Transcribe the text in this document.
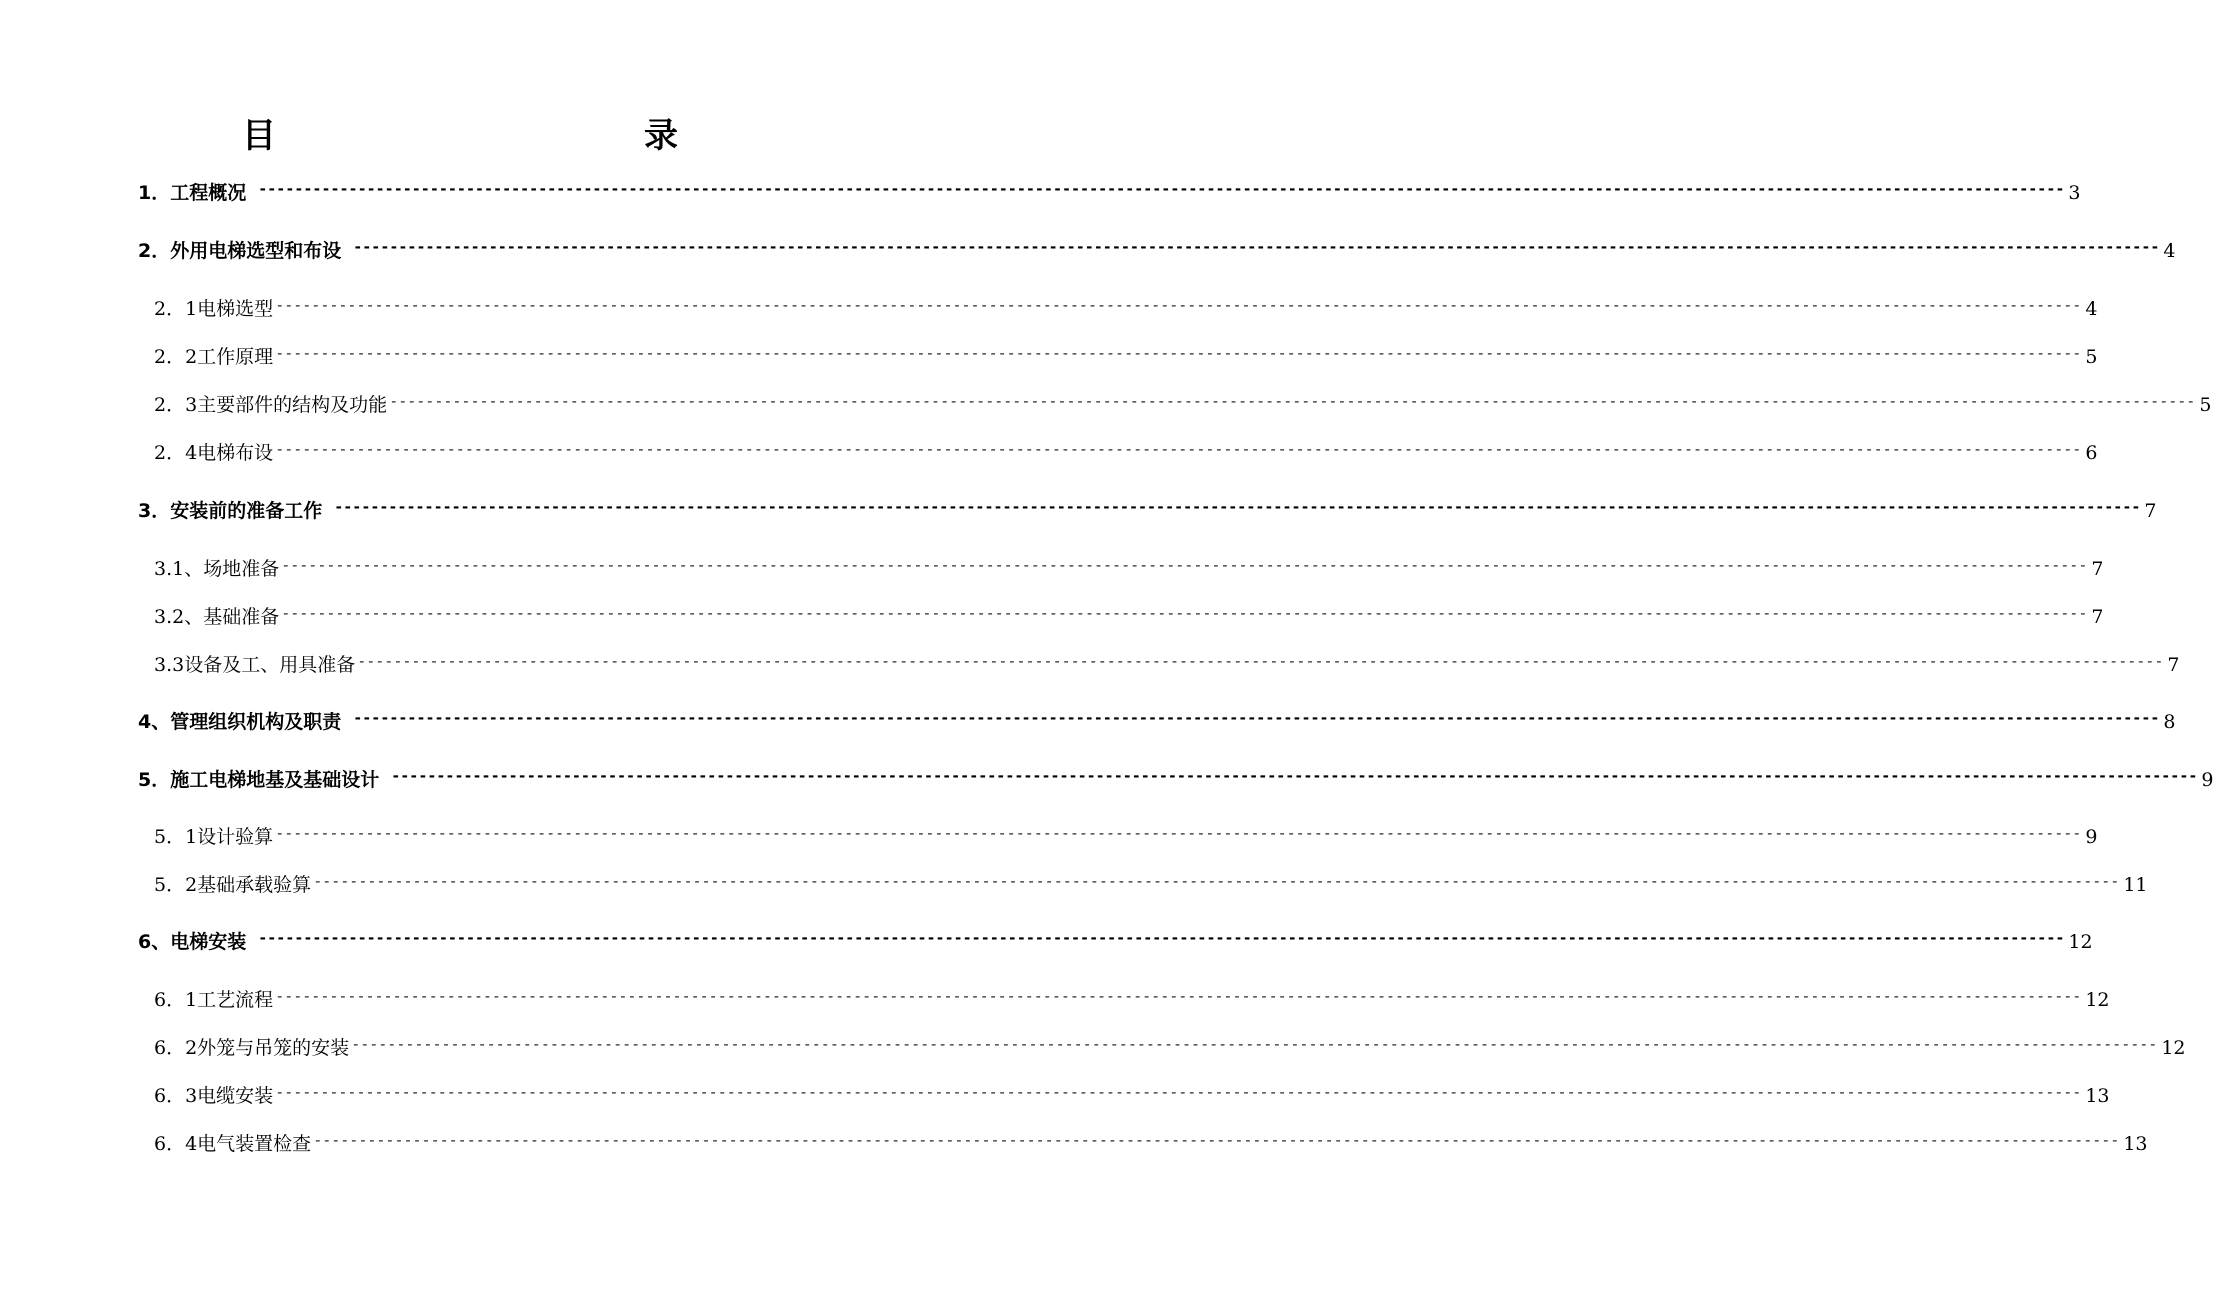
目　　录
1．工程概况 -------------------------------------------------------------------------------------------------------------------------------------------------------------------------------------------------------- 3
2．外用电梯选型和布设 -------------------------------------------------------------------------------------------------------------------------------------------------------------------------------------------------------- 4
2．1电梯选型 -------------------------------------------------------------------------------------------------------------------------------------------------------------------------------------------------------- 4
2．2工作原理 -------------------------------------------------------------------------------------------------------------------------------------------------------------------------------------------------------- 5
2．3主要部件的结构及功能 -------------------------------------------------------------------------------------------------------------------------------------------------------------------------------------------------------- 5
2．4电梯布设 -------------------------------------------------------------------------------------------------------------------------------------------------------------------------------------------------------- 6
3．安装前的准备工作 -------------------------------------------------------------------------------------------------------------------------------------------------------------------------------------------------------- 7
3.1、场地准备 -------------------------------------------------------------------------------------------------------------------------------------------------------------------------------------------------------- 7
3.2、基础准备 -------------------------------------------------------------------------------------------------------------------------------------------------------------------------------------------------------- 7
3.3设备及工、用具准备 -------------------------------------------------------------------------------------------------------------------------------------------------------------------------------------------------------- 7
4、管理组织机构及职责 -------------------------------------------------------------------------------------------------------------------------------------------------------------------------------------------------------- 8
5．施工电梯地基及基础设计 -------------------------------------------------------------------------------------------------------------------------------------------------------------------------------------------------------- 9
5．1设计验算 -------------------------------------------------------------------------------------------------------------------------------------------------------------------------------------------------------- 9
5．2基础承载验算 -------------------------------------------------------------------------------------------------------------------------------------------------------------------------------------------------------- 11
6、电梯安装 -------------------------------------------------------------------------------------------------------------------------------------------------------------------------------------------------------- 12
6．1工艺流程 -------------------------------------------------------------------------------------------------------------------------------------------------------------------------------------------------------- 12
6．2外笼与吊笼的安装 -------------------------------------------------------------------------------------------------------------------------------------------------------------------------------------------------------- 12
6．3电缆安装 -------------------------------------------------------------------------------------------------------------------------------------------------------------------------------------------------------- 13
6．4电气装置检查 -------------------------------------------------------------------------------------------------------------------------------------------------------------------------------------------------------- 13
